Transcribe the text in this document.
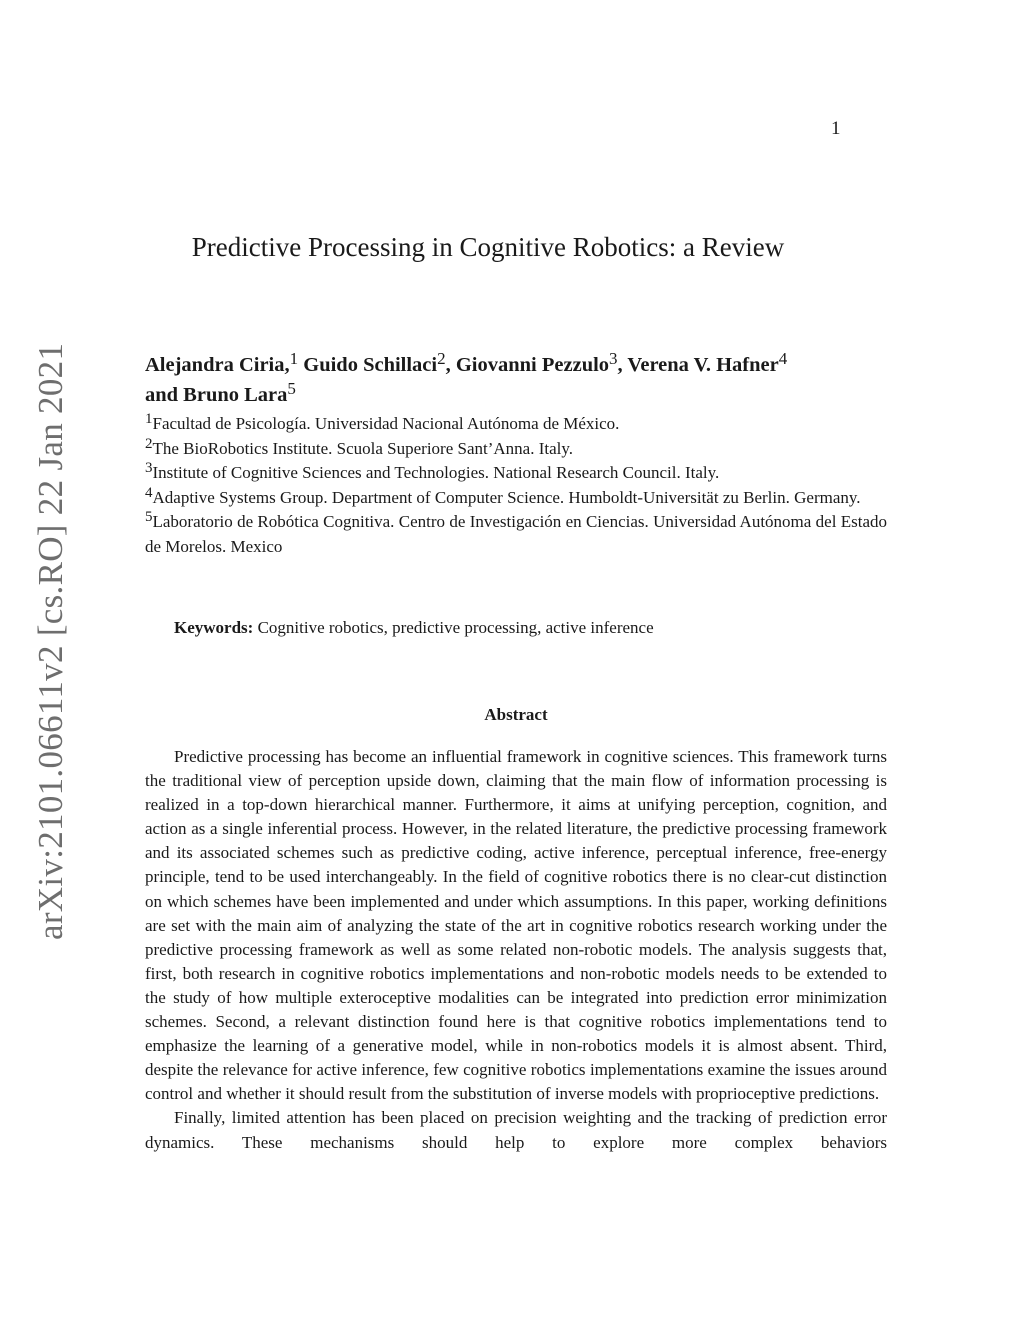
1
arXiv:2101.06611v2 [cs.RO] 22 Jan 2021
Predictive Processing in Cognitive Robotics: a Review
Alejandra Ciria,$^1$ Guido Schillaci$^2$, Giovanni Pezzulo$^3$, Verena V. Hafner$^4$
and Bruno Lara$^5$
$^1$Facultad de Psicología. Universidad Nacional Autónoma de México.
$^2$The BioRobotics Institute. Scuola Superiore Sant’Anna. Italy.
$^3$Institute of Cognitive Sciences and Technologies. National Research Council. Italy.
$^4$Adaptive Systems Group. Department of Computer Science. Humboldt-Universität zu Berlin. Germany.
$^5$Laboratorio de Robótica Cognitiva. Centro de Investigación en Ciencias. Universidad Autónoma del Estado de Morelos. Mexico
Keywords: Cognitive robotics, predictive processing, active inference
Abstract

Predictive processing has become an influential framework in cognitive sciences. This framework turns the traditional view of perception upside down, claiming that the main flow of information processing is realized in a top-down hierarchical manner. Furthermore, it aims at unifying perception, cognition, and action as a single inferential process. However, in the related literature, the predictive processing framework and its associated schemes such as predictive coding, active inference, perceptual inference, free-energy principle, tend to be used interchangeably. In the field of cognitive robotics there is no clear-cut distinction on which schemes have been implemented and under which assumptions. In this paper, working definitions are set with the main aim of analyzing the state of the art in cognitive robotics research working under the predictive processing framework as well as some related non-robotic models. The analysis suggests that, first, both research in cognitive robotics implementations and non-robotic models needs to be extended to the study of how multiple exteroceptive modalities can be integrated into prediction error minimization schemes. Second, a relevant distinction found here is that cognitive robotics implementations tend to emphasize the learning of a generative model, while in non-robotics models it is almost absent. Third, despite the relevance for active inference, few cognitive robotics implementations examine the issues around control and whether it should result from the substitution of inverse models with proprioceptive predictions.

Finally, limited attention has been placed on precision weighting and the tracking of prediction error dynamics. These mechanisms should help to explore more complex behaviors
